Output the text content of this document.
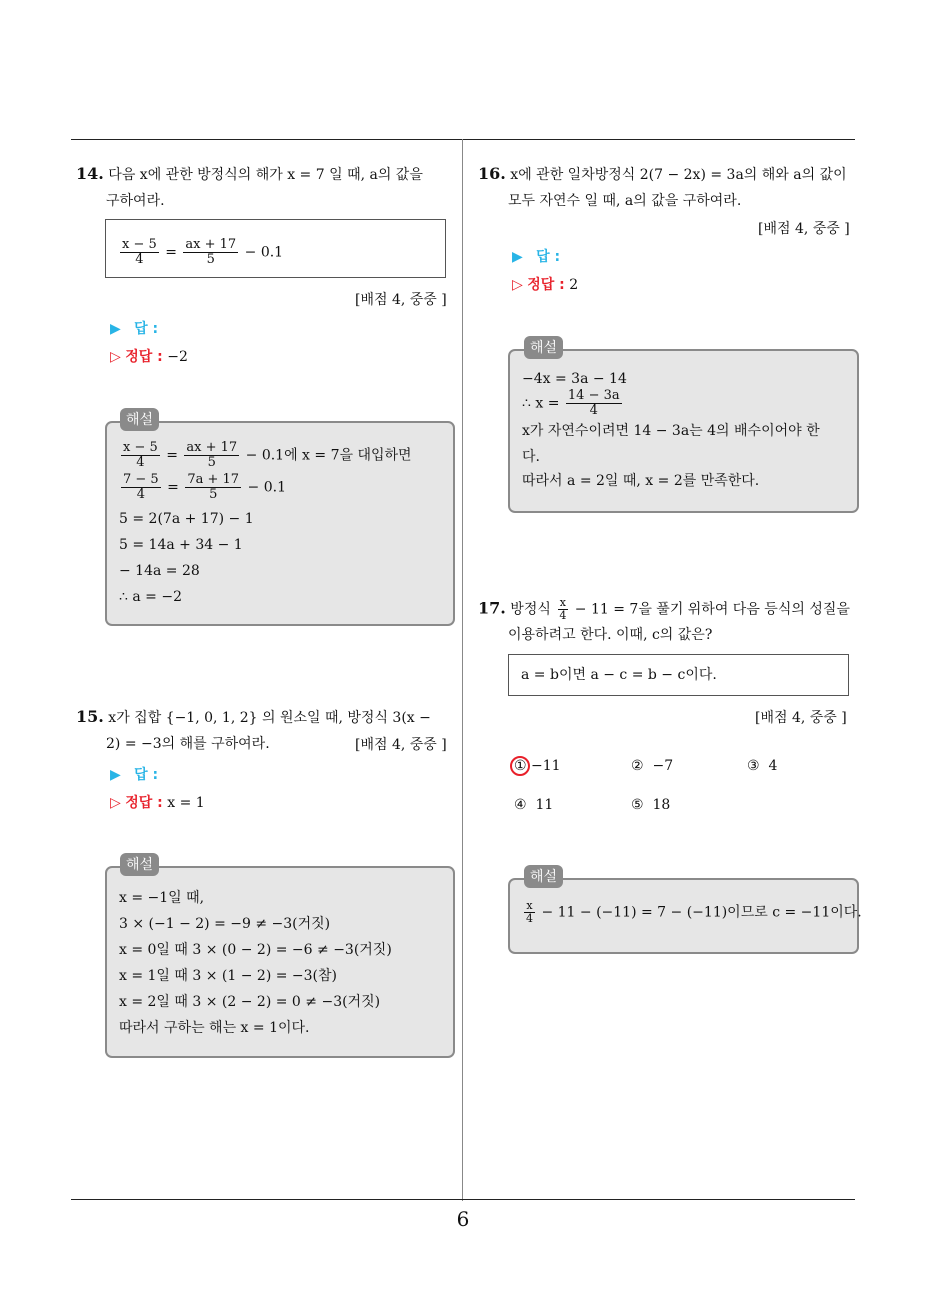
14. 다음 x에 관한 방정식의 해가 x = 7 일 때, a의 값을
구하여라.
$\frac{x - 5}{4} = \frac{ax + 17}{5} - 0.1$
[배점 4, 중중 ]
▶ 답 :
▷ 정답 : −2
$\frac{x - 5}{4} = \frac{ax + 17}{5} - 0.1$에 x = 7을 대입하면
$\frac{7 - 5}{4} = \frac{7a + 17}{5} - 0.1$
5 = 2(7a + 17) − 1
5 = 14a + 34 − 1
− 14a = 28
∴ a = −2
해설
15. x가 집합 {−1, 0, 1, 2} 의 원소일 때, 방정식 3(x −
2) = −3의 해를 구하여라.	[배점 4, 중중 ]
▶ 답 :
▷ 정답 : x = 1
x = −1일 때,
3 × (−1 − 2) = −9 ≠ −3(거짓)
x = 0일 때 3 × (0 − 2) = −6 ≠ −3(거짓)
x = 1일 때 3 × (1 − 2) = −3(참)
x = 2일 때 3 × (2 − 2) = 0 ≠ −3(거짓)
따라서 구하는 해는 x = 1이다.
해설
16. x에 관한 일차방정식 2(7 − 2x) = 3a의 해와 a의 값이
모두 자연수 일 때, a의 값을 구하여라.
[배점 4, 중중 ]
▶ 답 :
▷ 정답 : 2
−4x = 3a − 14
∴ $x = \frac{14 - 3a}{4}$
x가 자연수이려면 14 − 3a는 4의 배수이어야 한
다.
따라서 a = 2일 때, x = 2를 만족한다.
해설
17. 방정식 $\frac{x}{4} - 11 = 7$을 풀기 위하여 다음 등식의 성질을
이용하려고 한다. 이때, c의 값은?
a = b이면 a − c = b − c이다.
[배점 4, 중중 ]
① −11	② −7	③ 4
④ 11	⑤ 18
$\frac{x}{4} - 11 - (-11) = 7 - (-11)$이므로 c = −11이다.
해설
6
